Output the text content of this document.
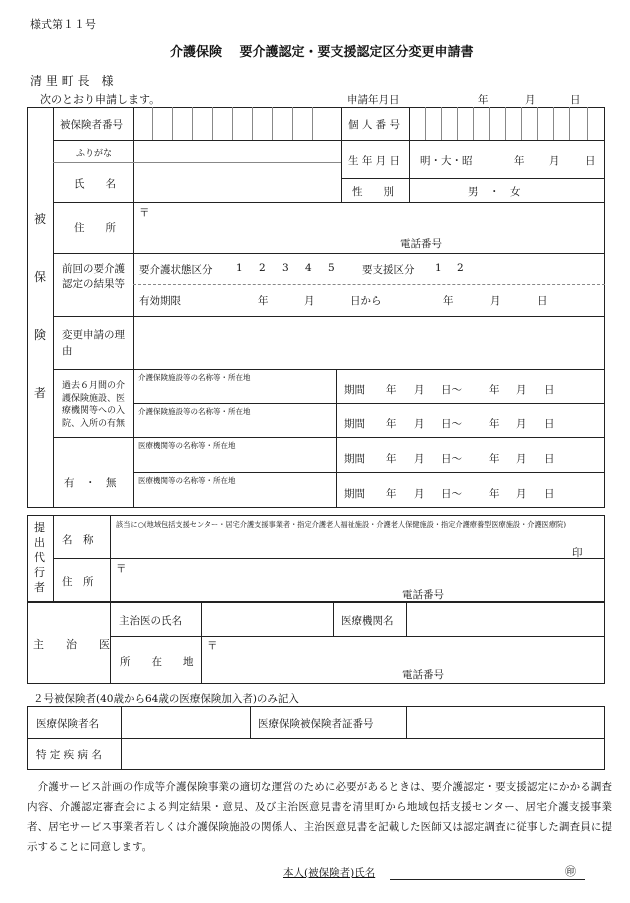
様式第１１号
介護保険　 要介護認定・要支援認定区分変更申請書
清 里 町 長　様
次のとおり申請します。	申請年月日	年	月	日
被
保
険
者
被保険者番号	個 人 番 号
ふりがな
氏　　名
生 年 月 日 明・大・昭	年 月 日
性　　別	男　・　女
住　　所
〒
電話番号
前回の要介護認定の結果等
要介護状態区分 1 2 3 4 5	要支援区分 1 2
有効期限	年	月	日から	年	月	日
変更申請の理由
過去６月間の介護保険施設、医療機関等への入院、入所の有無
有　・　無
介護保険施設等の名称等・所在地
期間 年 月 日～	年 月 日
介護保険施設等の名称等・所在地
期間 年 月 日～	年 月 日
医療機関等の名称等・所在地
期間 年 月 日～	年 月 日
医療機関等の名称等・所在地
期間 年 月 日～	年 月 日
提出代行者
名　称
該当に○(地域包括支援センター・居宅介護支援事業者・指定介護老人福祉施設・介護老人保健施設・指定介護療養型医療施設・介護医療院)
印
住　所
〒
電話番号
主　　治　　医
主治医の氏名	医療機関名
所　　在　　地
〒
電話番号
２号被保険者(40歳から64歳の医療保険加入者)のみ記入
医療保険者名	医療保険被保険者証番号
特 定 疾 病 名
　介護サービス計画の作成等介護保険事業の適切な運営のために必要があるときは、要介護認定・要支援認定にかかる調査内容、介護認定審査会による判定結果・意見、及び主治医意見書を清里町から地域包括支援センター、居宅介護支援事業者、居宅サービス事業者若しくは介護保険施設の関係人、主治医意見書を記載した医師又は認定調査に従事した調査員に提示することに同意します。
本人(被保険者)氏名	㊞
